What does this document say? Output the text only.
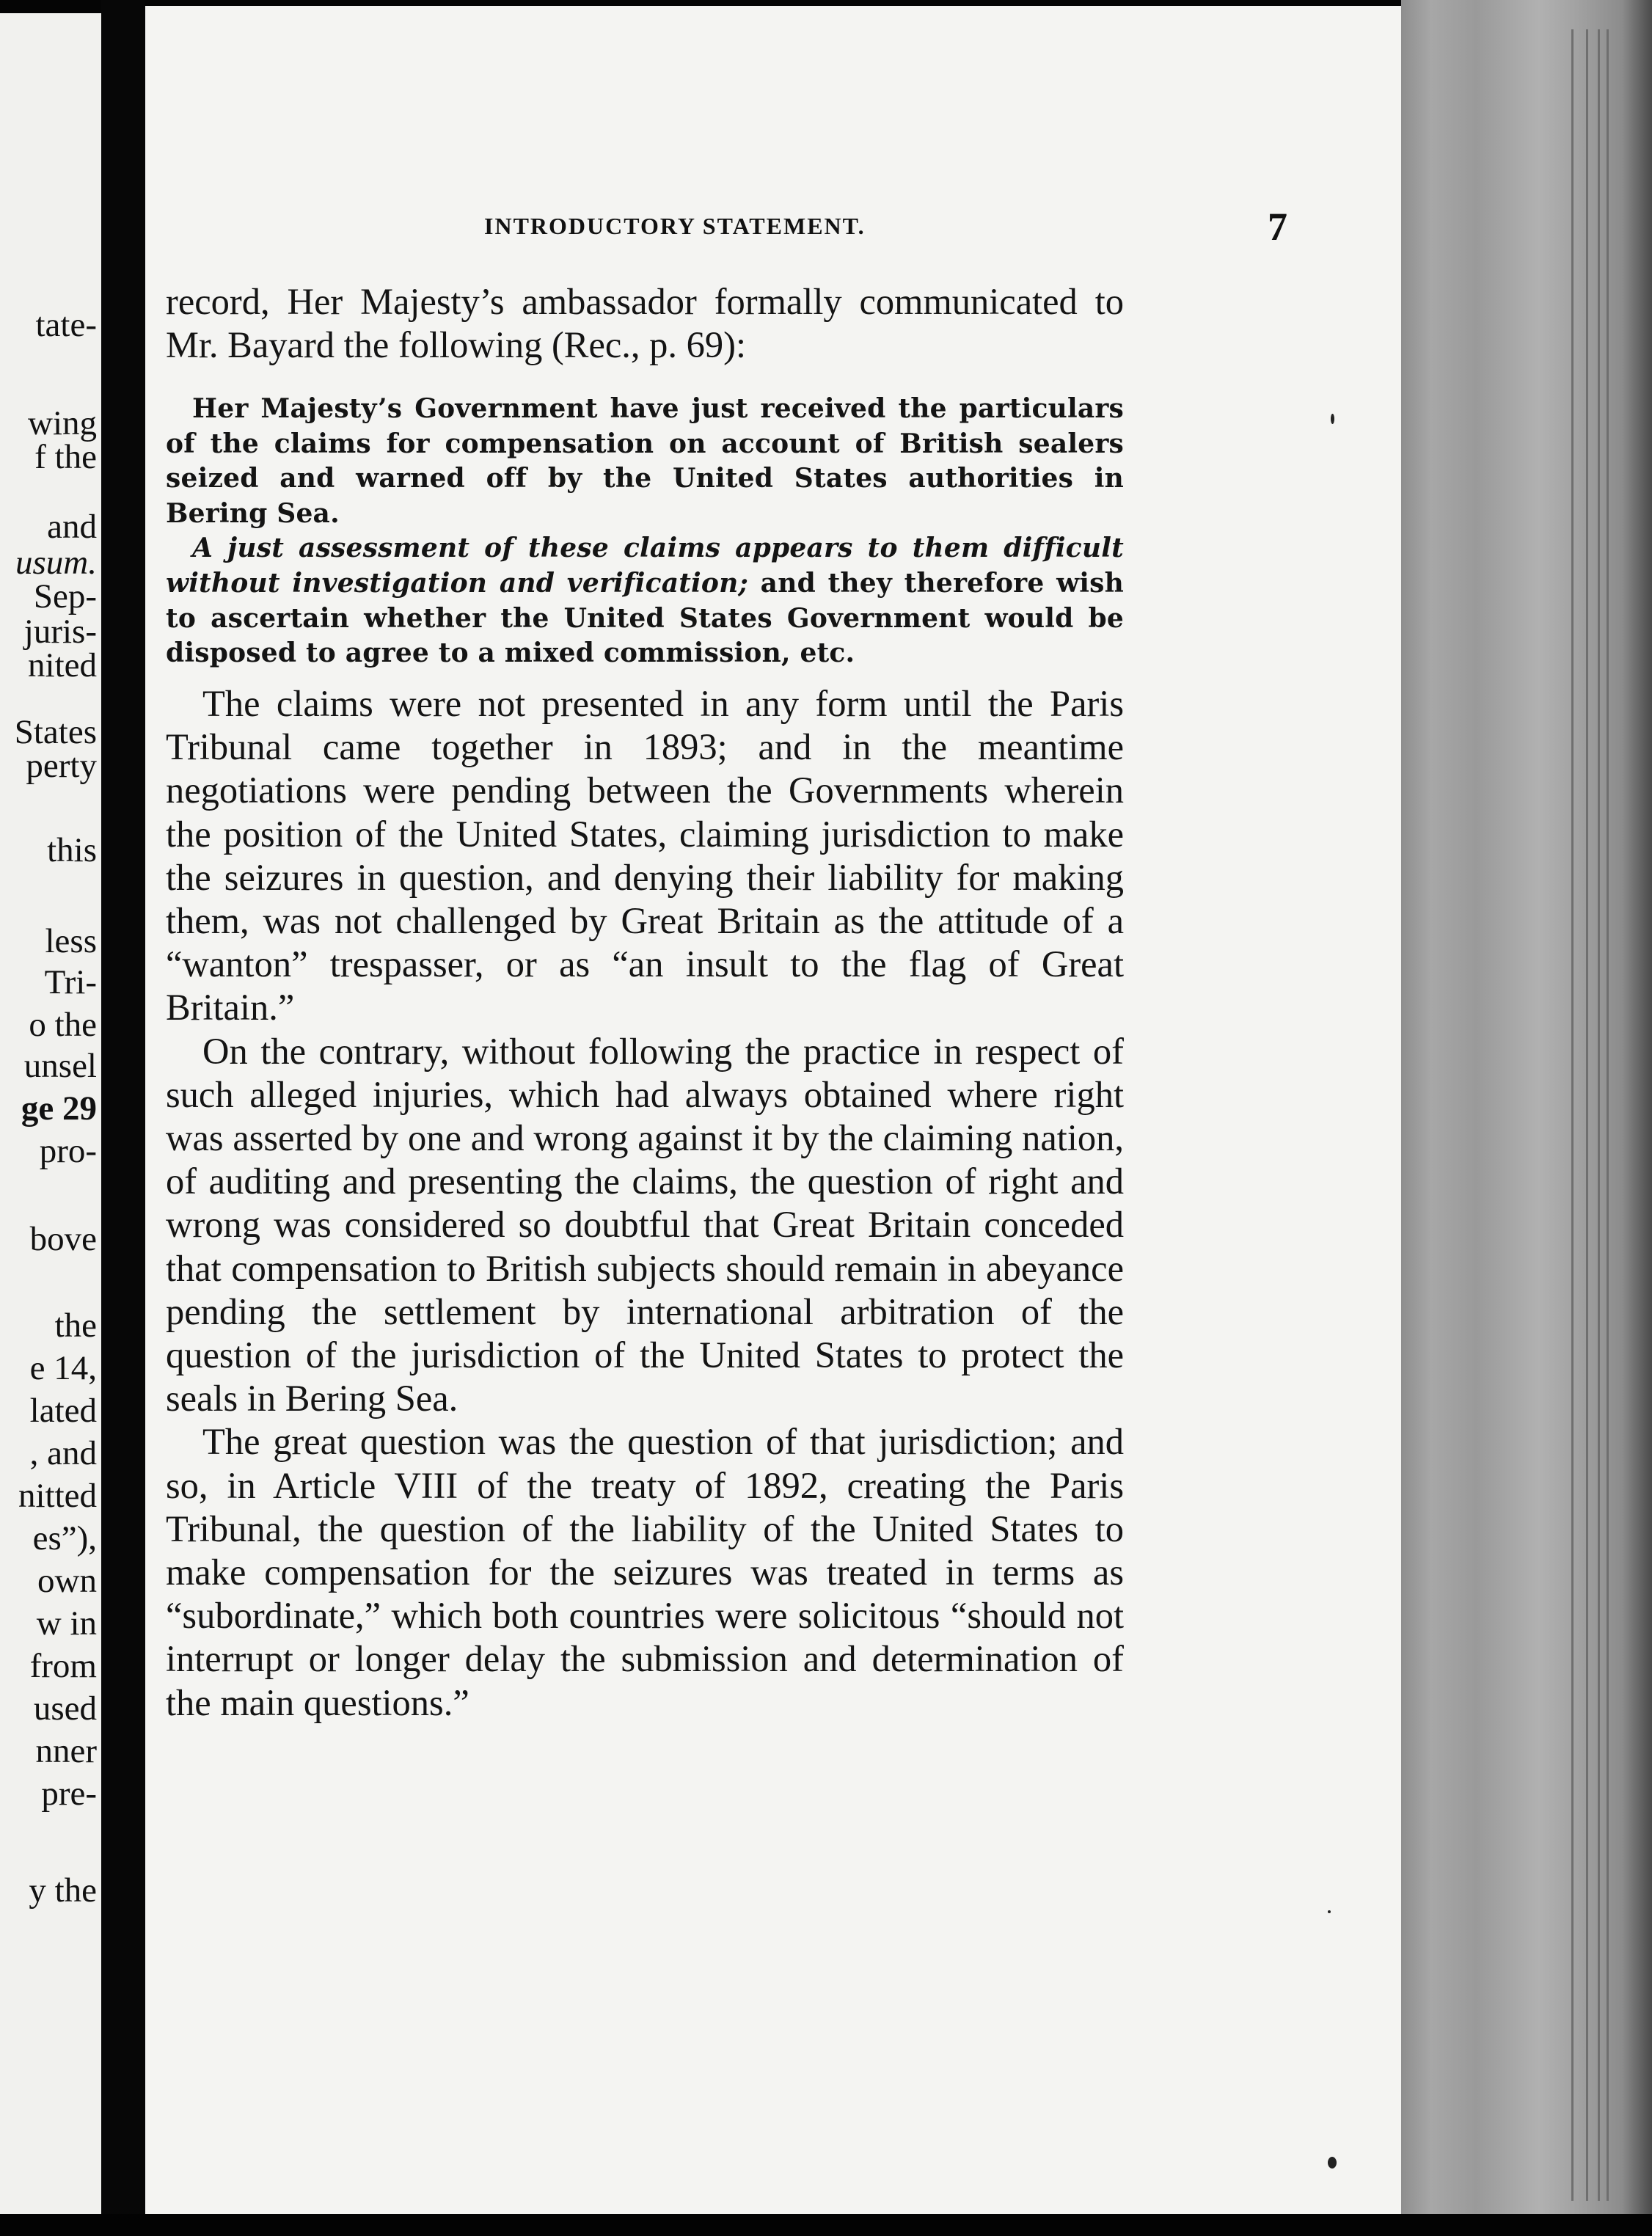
tate-
wing
f the
and
usum.
Sep-
juris-
nited
States
perty
this
less
Tri-
o the
unsel
ge 29
pro-
bove
the
e 14,
lated
, and
nitted
es”),
own
w in
from
used
nner
pre-
y the
INTRODUCTORY STATEMENT.	7

record, Her Majesty’s ambassador formally communicated to Mr. Bayard the following (Rec., p. 69):

Her Majesty’s Government have just received the particulars of the claims for compensation on account of British sealers seized and warned off by the United States authorities in Bering Sea.

A just assessment of these claims appears to them difficult without investigation and verification; and they therefore wish to ascertain whether the United States Government would be disposed to agree to a mixed commission, etc.

The claims were not presented in any form until the Paris Tribunal came together in 1893; and in the meantime negotiations were pending between the Governments wherein the position of the United States, claiming jurisdiction to make the seizures in question, and denying their liability for making them, was not challenged by Great Britain as the attitude of a “wanton” trespasser, or as “an insult to the flag of Great Britain.”

On the contrary, without following the practice in respect of such alleged injuries, which had always obtained where right was asserted by one and wrong against it by the claiming nation, of auditing and presenting the claims, the question of right and wrong was considered so doubtful that Great Britain conceded that compensation to British subjects should remain in abeyance pending the settlement by international arbitration of the question of the jurisdiction of the United States to protect the seals in Bering Sea.

The great question was the question of that jurisdiction; and so, in Article VIII of the treaty of 1892, creating the Paris Tribunal, the question of the liability of the United States to make compensation for the seizures was treated in terms as “subordinate,” which both countries were solicitous “should not interrupt or longer delay the submission and determination of the main questions.”
